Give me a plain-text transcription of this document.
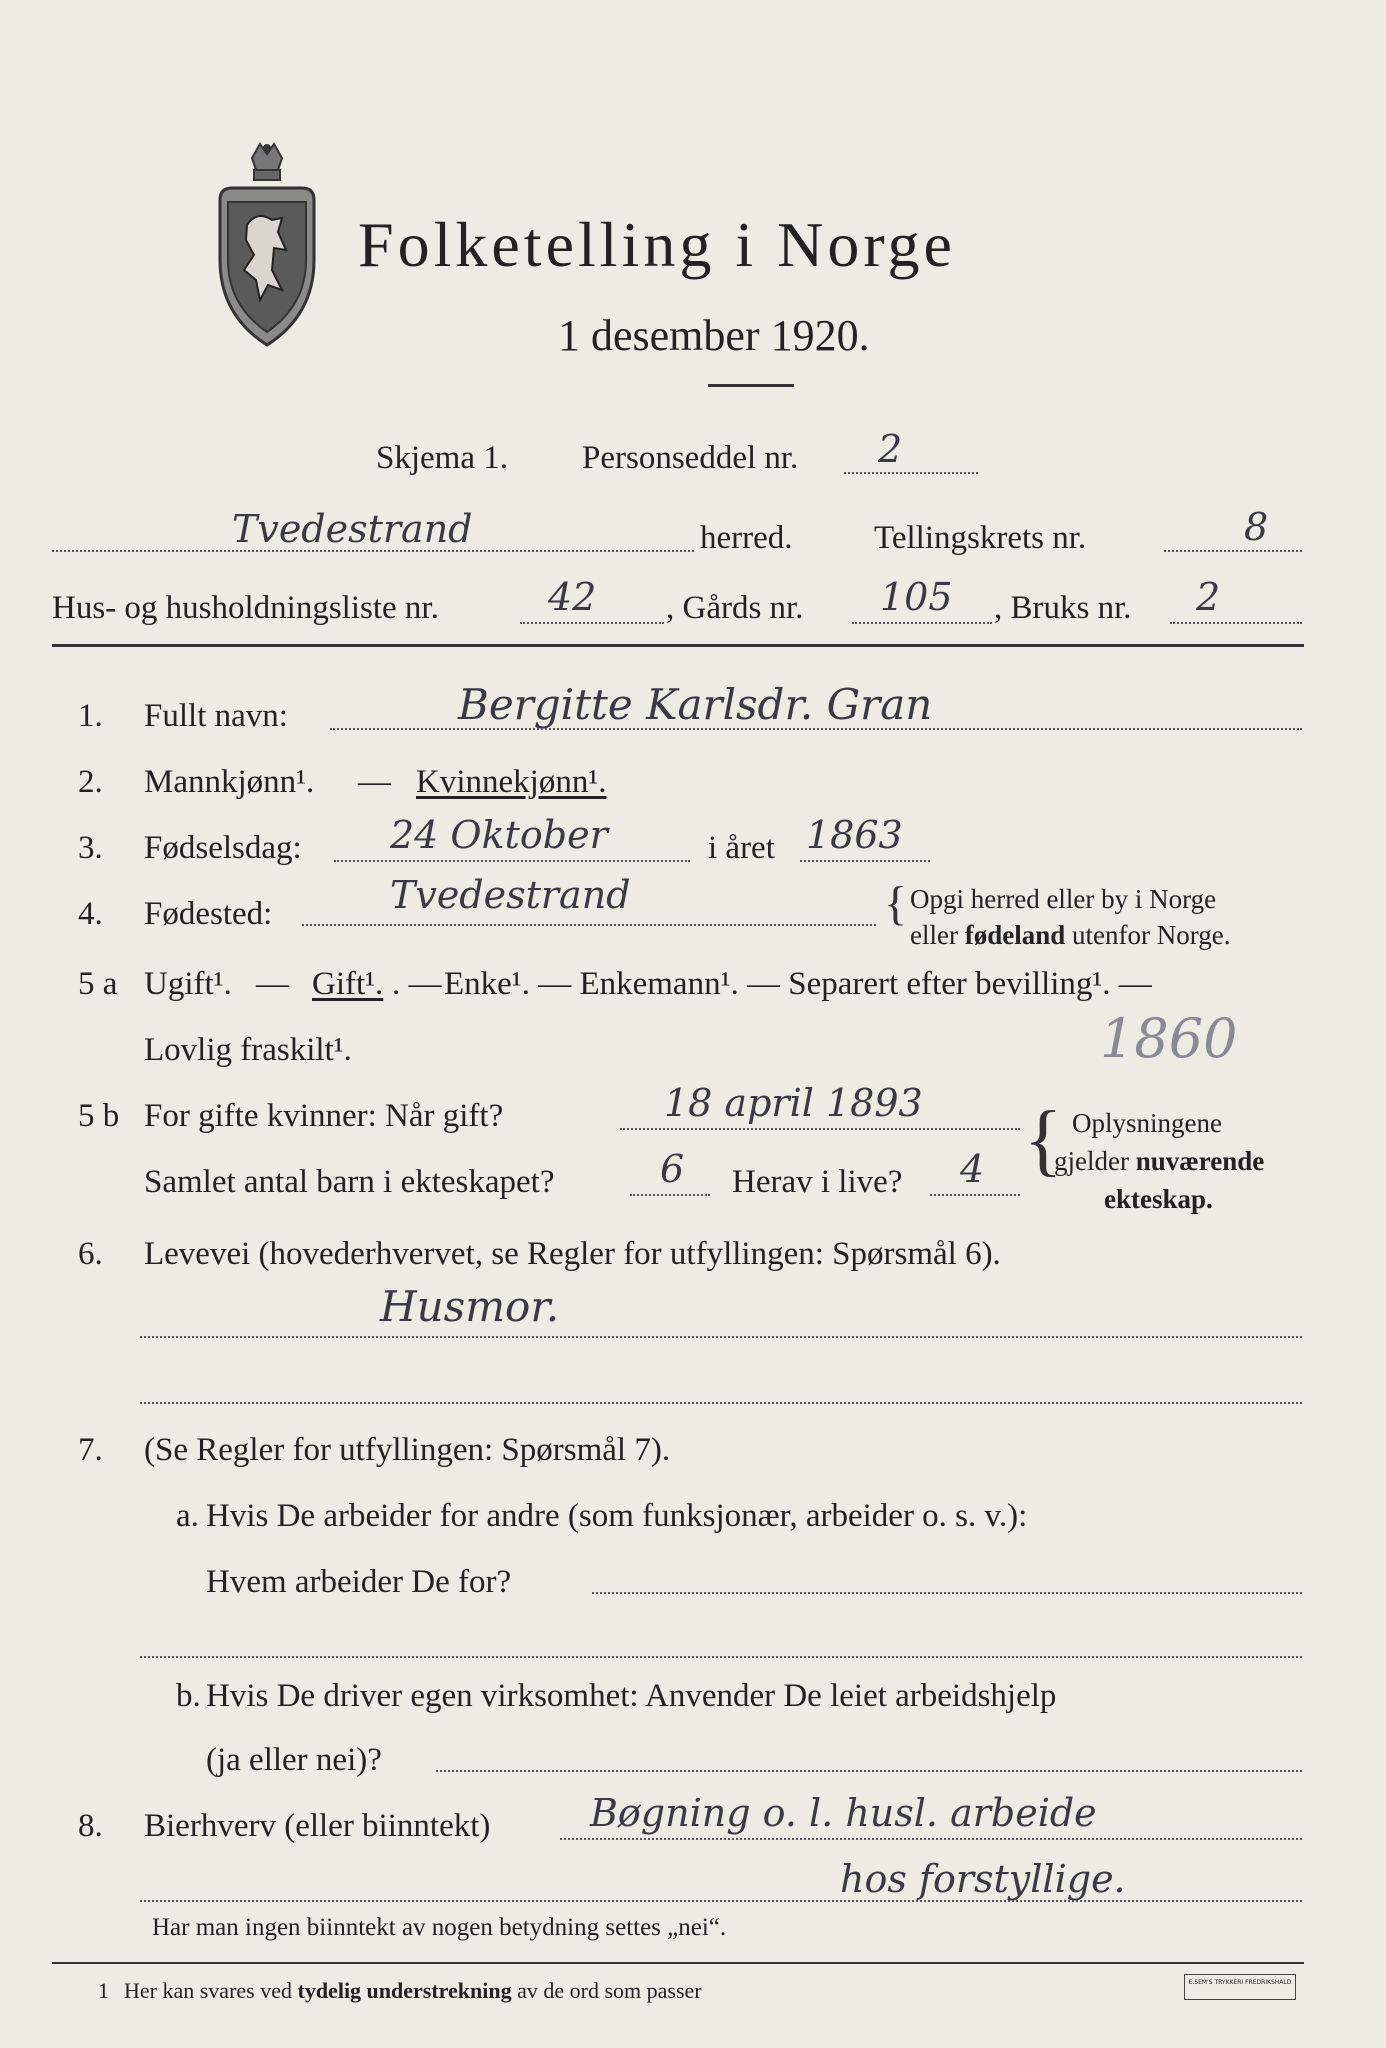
Folketelling i Norge
1 desember 1920.
Skjema 1. Personseddel nr. 2
Tvedestrand	herred. Tellingskrets nr.	8
Hus- og husholdningsliste nr.	42 , Gårds nr. 105 , Bruks nr. 2
1. Fullt navn:	Bergitte Karlsdr. Gran
2. Mannkjønn¹. — Kvinnekjønn¹.
3. Fødselsdag: 24 Oktober	i året 1863
4. Fødested:	Tvedestrand	{ Opgi herred eller by i Norge
eller fødeland utenfor Norge.
5 a Ugift¹. — Gift¹. . — Enke¹. — Enkemann¹. — Separert efter bevilling¹. —
Lovlig fraskilt¹.	1860
5 b For gifte kvinner: Når gift?	18 april 1893
Samlet antal barn i ekteskapet?	6 Herav i live? 4 { Oplysningene
gjelder nuværende
ekteskap.
6. Levevei (hovederhvervet, se Regler for utfyllingen: Spørsmål 6).
Husmor.
7. (Se Regler for utfyllingen: Spørsmål 7).
a. Hvis De arbeider for andre (som funksjonær, arbeider o. s. v.):
Hvem arbeider De for?
b. Hvis De driver egen virksomhet: Anvender De leiet arbeidshjelp
(ja eller nei)?
8. Bierhverv (eller biinntekt)	Bøgning o. l. husl. arbeide
hos forstyllige.
Har man ingen biinntekt av nogen betydning settes „nei“.
1 Her kan svares ved tydelig understrekning av de ord som passer	E.SEM'S TRYKKERI FREDRIKSHALD
